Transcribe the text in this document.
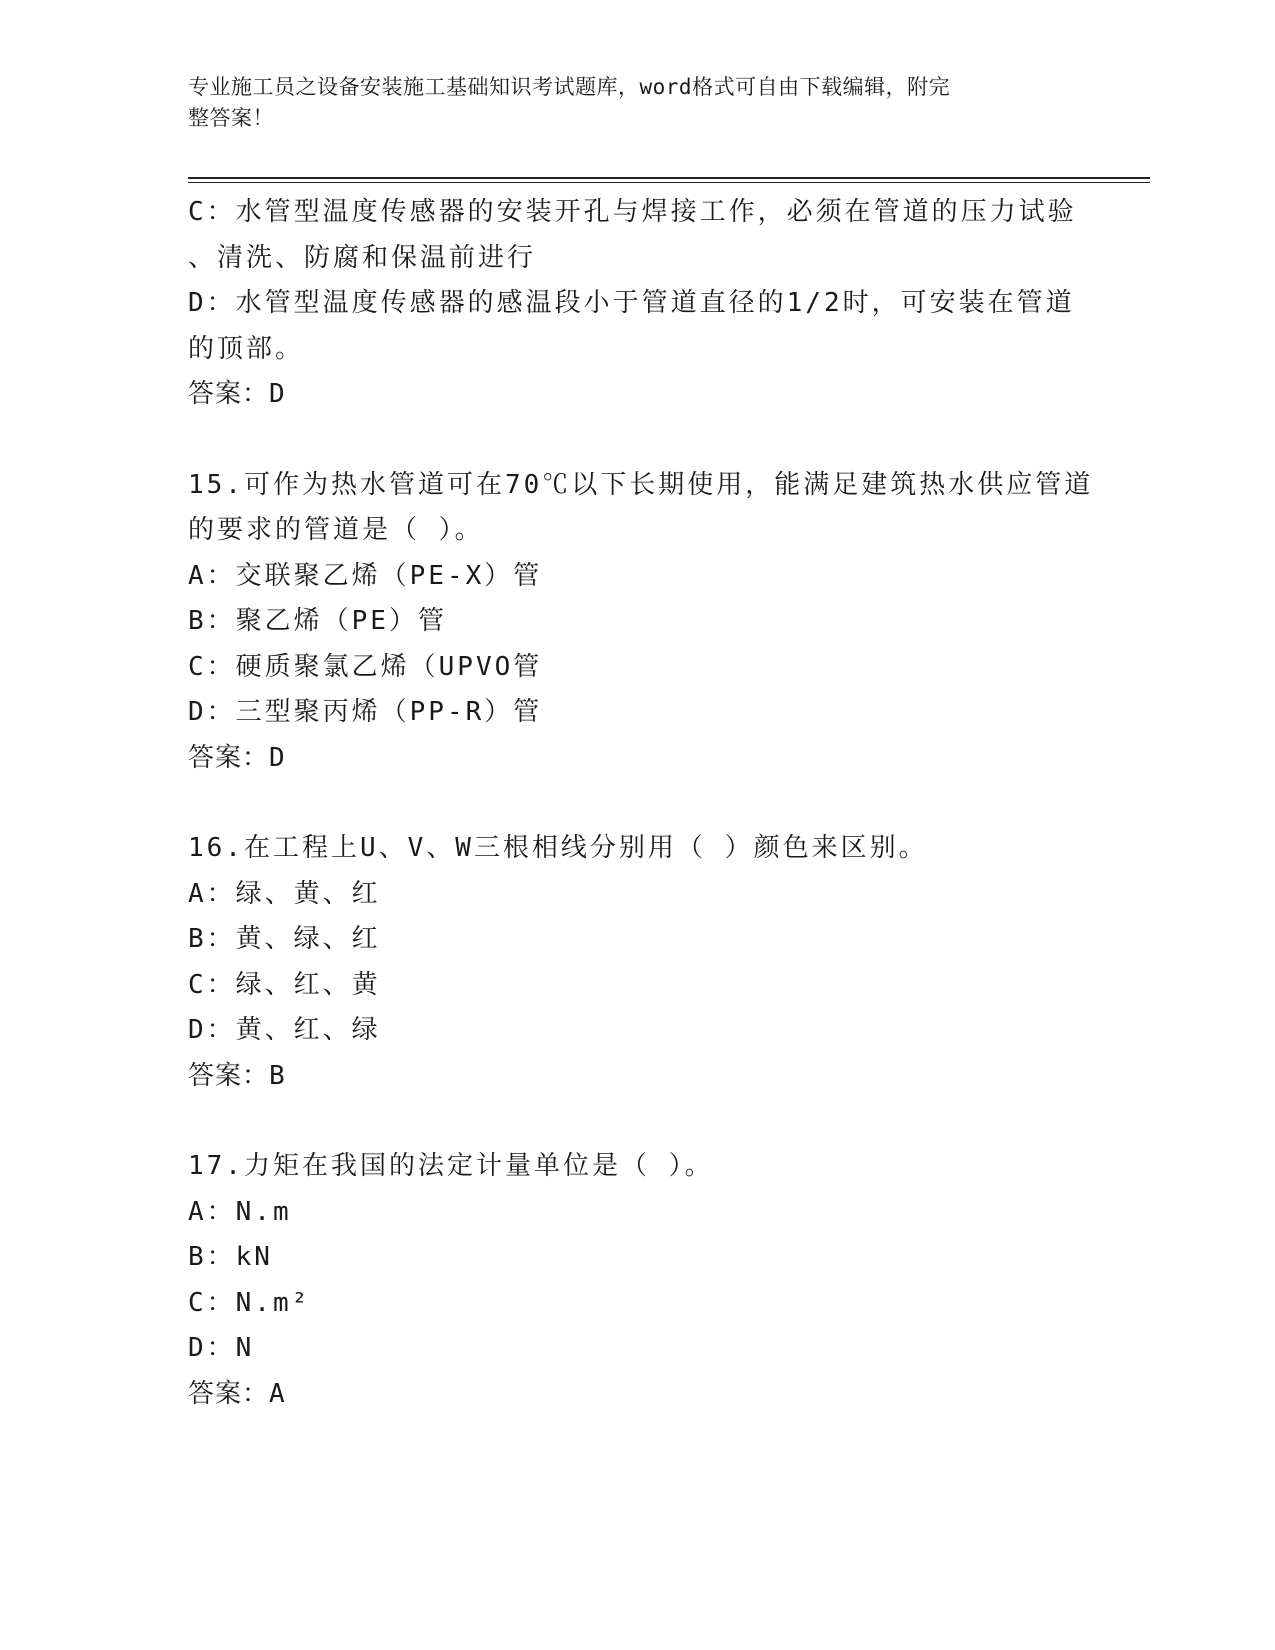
专业施工员之设备安装施工基础知识考试题库，word格式可自由下载编辑，附完
整答案！
C：水管型温度传感器的安装开孔与焊接工作，必须在管道的压力试验
、清洗、防腐和保温前进行
D：水管型温度传感器的感温段小于管道直径的1/2时，可安装在管道
的顶部。
答案：D
15.可作为热水管道可在70℃以下长期使用，能满足建筑热水供应管道
的要求的管道是（ ）。
A：交联聚乙烯（PE-X）管
B：聚乙烯（PE）管
C：硬质聚氯乙烯（UPVO管
D：三型聚丙烯（PP-R）管
答案：D
16.在工程上U、V、W三根相线分别用（ ）颜色来区别。
A：绿、黄、红
B：黄、绿、红
C：绿、红、黄
D：黄、红、绿
答案：B
17.力矩在我国的法定计量单位是（ ）。
A：N.m
B：kN
C：N.m²
D：N
答案：A
